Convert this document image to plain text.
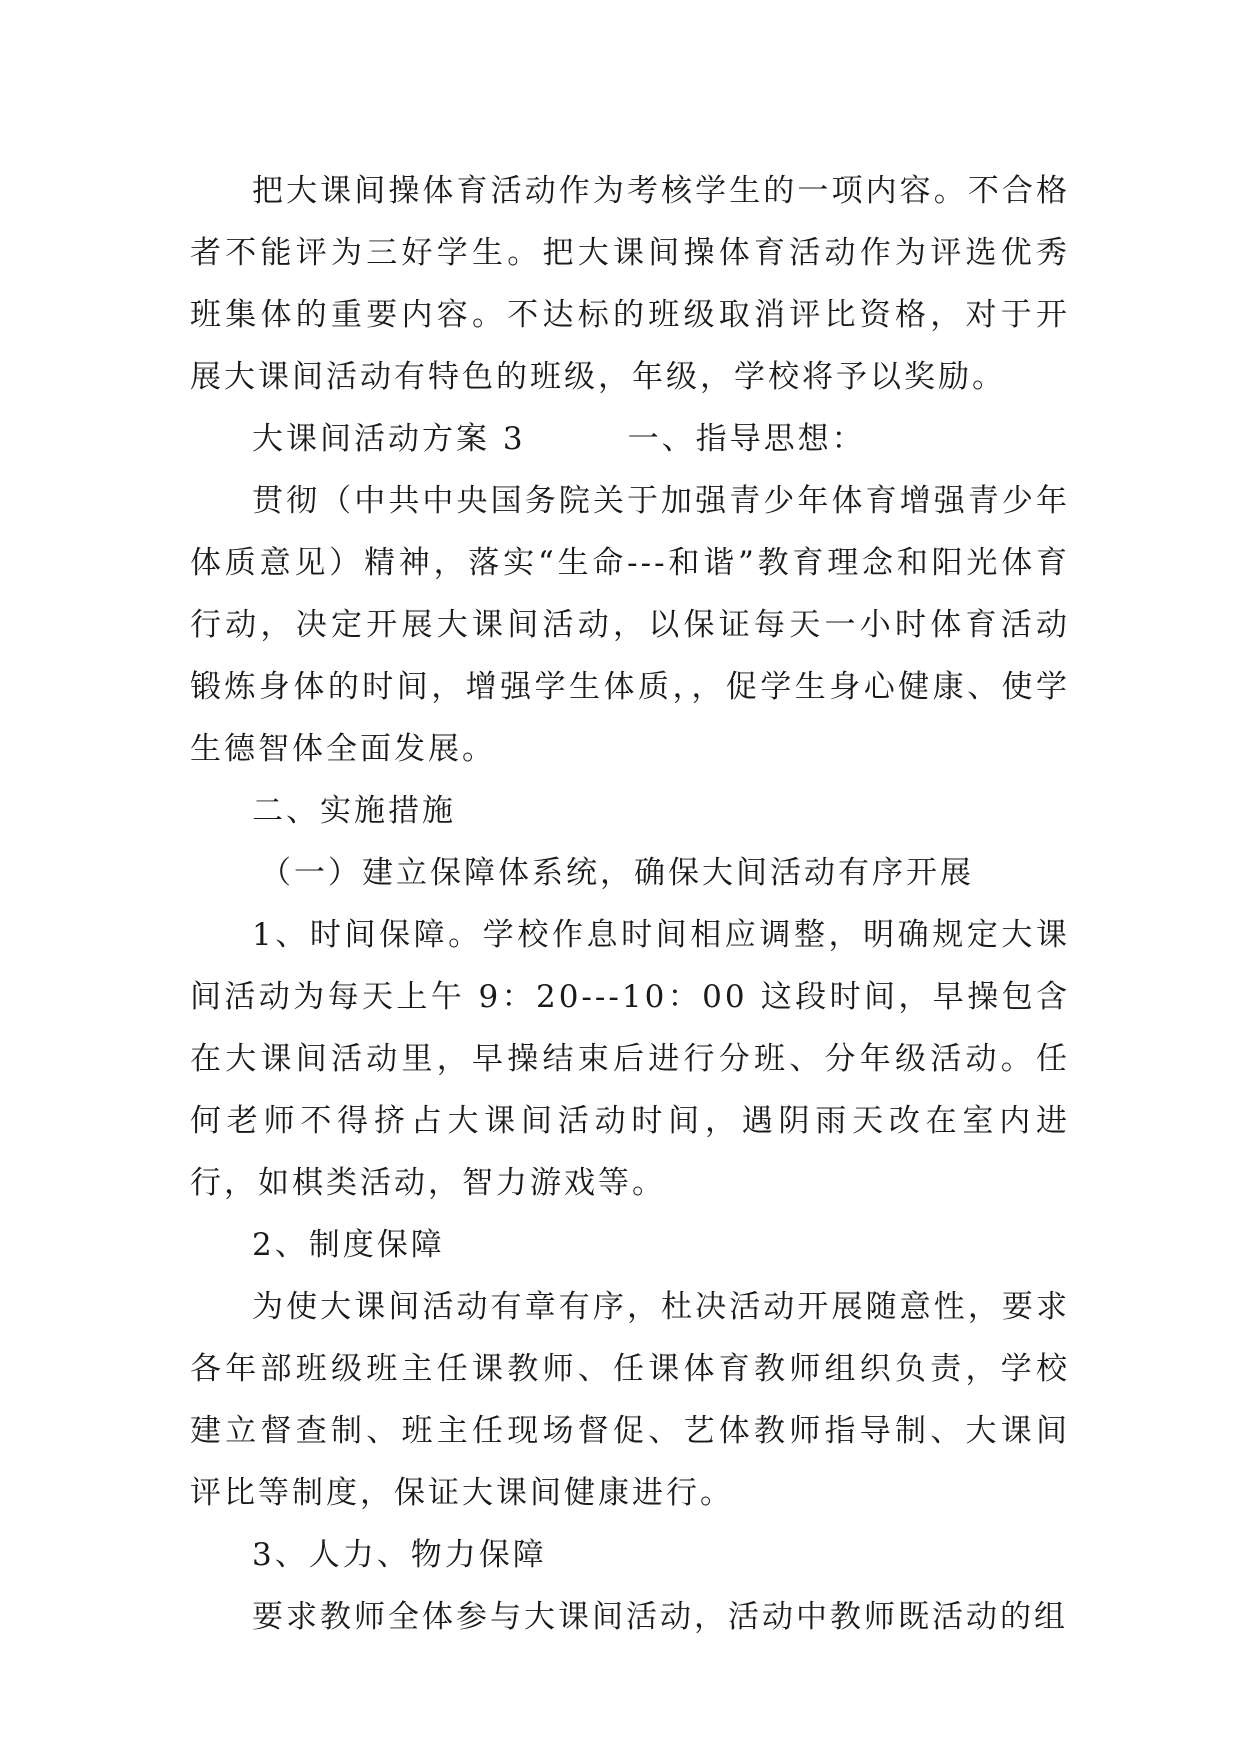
把大课间操体育活动作为考核学生的一项内容。不合格者不能评为三好学生。把大课间操体育活动作为评选优秀班集体的重要内容。不达标的班级取消评比资格，对于开展大课间活动有特色的班级，年级，学校将予以奖励。

大课间活动方案 3　　　一、指导思想：

贯彻（中共中央国务院关于加强青少年体育增强青少年体质意见）精神，落实“生命---和谐”教育理念和阳光体育行动，决定开展大课间活动，以保证每天一小时体育活动锻炼身体的时间，增强学生体质，，促学生身心健康、使学生德智体全面发展。

二、实施措施

（一）建立保障体系统，确保大间活动有序开展

1、时间保障。学校作息时间相应调整，明确规定大课间活动为每天上午 9：20---10：00 这段时间，早操包含在大课间活动里，早操结束后进行分班、分年级活动。任何老师不得挤占大课间活动时间，遇阴雨天改在室内进行，如棋类活动，智力游戏等。

2、制度保障

为使大课间活动有章有序，杜决活动开展随意性，要求各年部班级班主任课教师、任课体育教师组织负责，学校建立督查制、班主任现场督促、艺体教师指导制、大课间评比等制度，保证大课间健康进行。

3、人力、物力保障

要求教师全体参与大课间活动，活动中教师既活动的组
